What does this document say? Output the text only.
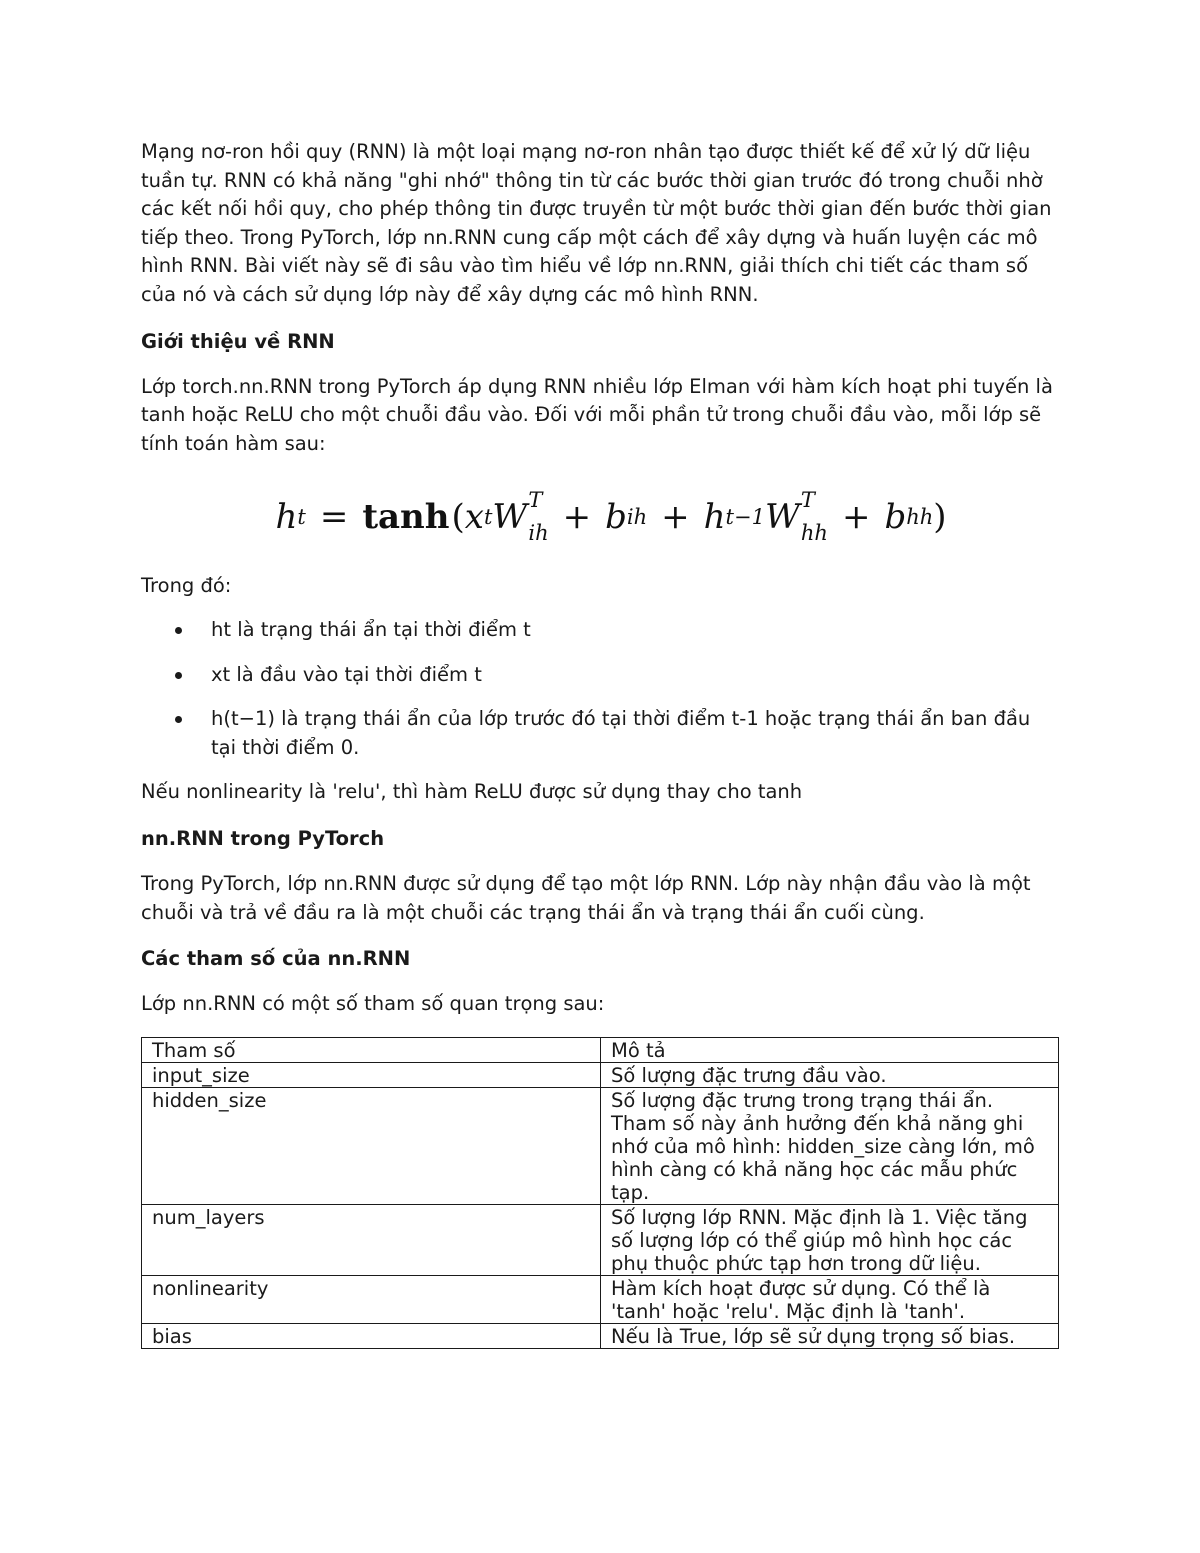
Mạng nơ-ron hồi quy (RNN) là một loại mạng nơ-ron nhân tạo được thiết kế để xử lý dữ liệu tuần tự. RNN có khả năng "ghi nhớ" thông tin từ các bước thời gian trước đó trong chuỗi nhờ các kết nối hồi quy, cho phép thông tin được truyền từ một bước thời gian đến bước thời gian tiếp theo. Trong PyTorch, lớp nn.RNN cung cấp một cách để xây dựng và huấn luyện các mô hình RNN. Bài viết này sẽ đi sâu vào tìm hiểu về lớp nn.RNN, giải thích chi tiết các tham số của nó và cách sử dụng lớp này để xây dựng các mô hình RNN.

Giới thiệu về RNN

Lớp torch.nn.RNN trong PyTorch áp dụng RNN nhiều lớp Elman với hàm kích hoạt phi tuyến là tanh hoặc ReLU cho một chuỗi đầu vào. Đối với mỗi phần tử trong chuỗi đầu vào, mỗi lớp sẽ tính toán hàm sau:

h t = tanh ( x t W T
ih + b ih + h t−1 W T
hh + b hh )

Trong đó:

ht là trạng thái ẩn tại thời điểm t
xt là đầu vào tại thời điểm t
h(t−1) là trạng thái ẩn của lớp trước đó tại thời điểm t-1 hoặc trạng thái ẩn ban đầu tại thời điểm 0.

Nếu nonlinearity là 'relu', thì hàm ReLU được sử dụng thay cho tanh

nn.RNN trong PyTorch

Trong PyTorch, lớp nn.RNN được sử dụng để tạo một lớp RNN. Lớp này nhận đầu vào là một chuỗi và trả về đầu ra là một chuỗi các trạng thái ẩn và trạng thái ẩn cuối cùng.

Các tham số của nn.RNN

Lớp nn.RNN có một số tham số quan trọng sau:

Tham số	Mô tả
input_size	Số lượng đặc trưng đầu vào.
hidden_size	Số lượng đặc trưng trong trạng thái ẩn. Tham số này ảnh hưởng đến khả năng ghi nhớ của mô hình: hidden_size càng lớn, mô hình càng có khả năng học các mẫu phức tạp.
num_layers	Số lượng lớp RNN. Mặc định là 1. Việc tăng số lượng lớp có thể giúp mô hình học các phụ thuộc phức tạp hơn trong dữ liệu.
nonlinearity	Hàm kích hoạt được sử dụng. Có thể là 'tanh' hoặc 'relu'. Mặc định là 'tanh'.
bias	Nếu là True, lớp sẽ sử dụng trọng số bias.
